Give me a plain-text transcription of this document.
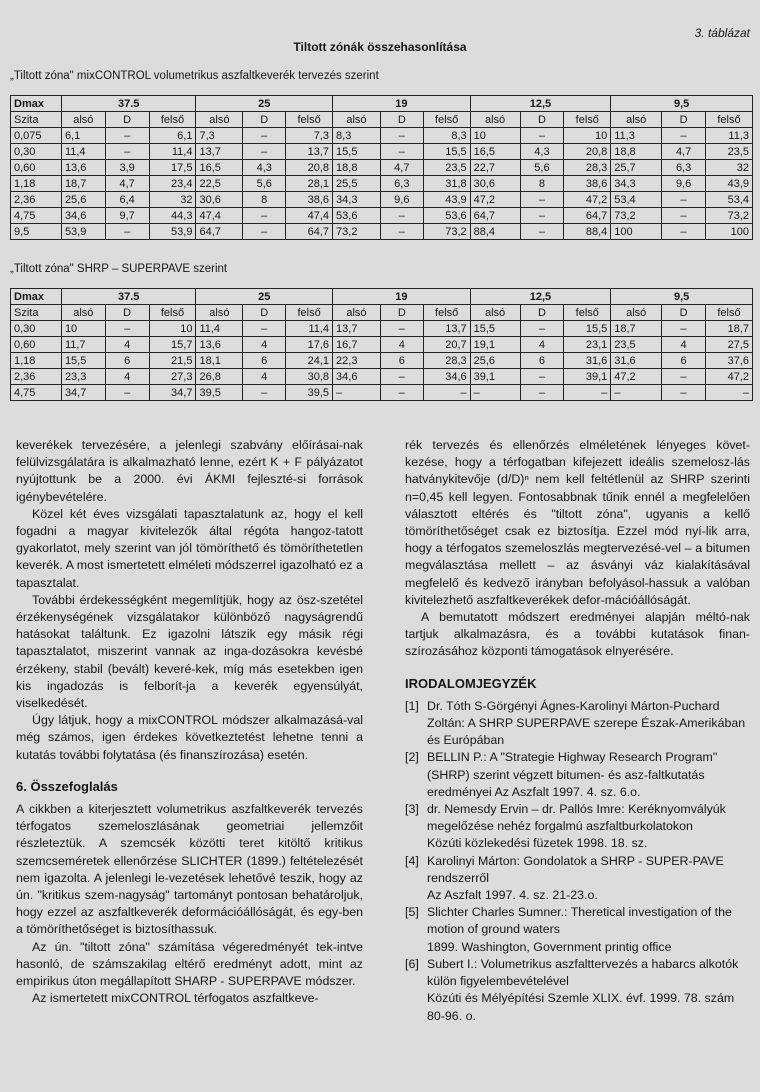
3. táblázat
Tiltott zónák összehasonlítása
„Tiltott zóna" mixCONTROL volumetrikus aszfaltkeverék tervezés szerint
Dmax	37.5			25			19			12,5			9,5		
Szita	alsó	D	felső	alsó	D	felső	alsó	D	felső	alsó	D	felső	alsó	D	felső
0,075	6,1	–	6,1	7,3	–	7,3	8,3	–	8,3	10	–	10	11,3	–	11,3
0,30	11,4	–	11,4	13,7	–	13,7	15,5	–	15,5	16,5	4,3	20,8	18,8	4,7	23,5
0,60	13,6	3,9	17,5	16,5	4,3	20,8	18,8	4,7	23,5	22,7	5,6	28,3	25,7	6,3	32
1,18	18,7	4,7	23,4	22,5	5,6	28,1	25,5	6,3	31,8	30,6	8	38,6	34,3	9,6	43,9
2,36	25,6	6,4	32	30,6	8	38,6	34,3	9,6	43,9	47,2	–	47,2	53,4	–	53,4
4,75	34,6	9,7	44,3	47,4	–	47,4	53,6	–	53,6	64,7	–	64,7	73,2	–	73,2
9,5	53,9	–	53,9	64,7	–	64,7	73,2	–	73,2	88,4	–	88,4	100	–	100
„Tiltott zóna" SHRP – SUPERPAVE szerint
Dmax	37.5			25			19			12,5			9,5		
Szita	alsó	D	felső	alsó	D	felső	alsó	D	felső	alsó	D	felső	alsó	D	felső
0,30	10	–	10	11,4	–	11,4	13,7	–	13,7	15,5	–	15,5	18,7	–	18,7
0,60	11,7	4	15,7	13,6	4	17,6	16,7	4	20,7	19,1	4	23,1	23,5	4	27,5
1,18	15,5	6	21,5	18,1	6	24,1	22,3	6	28,3	25,6	6	31,6	31,6	6	37,6
2,36	23,3	4	27,3	26,8	4	30,8	34,6	–	34,6	39,1	–	39,1	47,2	–	47,2
4,75	34,7	–	34,7	39,5	–	39,5	–	–	–	–	–	–	–	–	–

keverékek tervezésére, a jelenlegi szabvány előírásai-nak felülvizsgálatára is alkalmazható lenne, ezért K + F pályázatot nyújtottunk be a 2000. évi ÁKMI fejleszté-si források igénybevételére.

Közel két éves vizsgálati tapasztalatunk az, hogy el kell fogadni a magyar kivitelezők által régóta hangoz-tatott gyakorlatot, mely szerint van jól tömöríthető és tömöríthetetlen keverék. A most ismertetett elméleti módszerrel igazolható ez a tapasztalat.

További érdekességként megemlítjük, hogy az ösz-szetétel érzékenységének vizsgálatakor különböző nagyságrendű hatásokat találtunk. Ez igazolni látszik egy másik régi tapasztalatot, miszerint vannak az inga-dozásokra kevésbé érzékeny, stabil (bevált) keveré-kek, míg más esetekben igen kis ingadozás is felborít-ja a keverék egyensúlyát, viselkedését.

Úgy látjuk, hogy a mixCONTROL módszer alkalmazásá-val még számos, igen érdekes következtetést lehetne tenni a kutatás további folytatása (és finanszírozása) esetén.

6. Összefoglalás

A cikkben a kiterjesztett volumetrikus aszfaltkeverék tervezés térfogatos szemeloszlásának geometriai jellemzőit részleteztük. A szemcsék közötti teret kitöltő kritikus szemcseméretek ellenőrzése SLICHTER (1899.) feltételezését nem igazolta. A jelenlegi le-vezetések lehetővé teszik, hogy az ún. "kritikus szem-nagyság" tartományt pontosan behatároljuk, hogy ezzel az aszfaltkeverék deformációállóságát, és egy-ben a tömöríthetőséget is biztosíthassuk.

Az ún. "tiltott zóna" számítása végeredményét tek-intve hasonló, de számszakilag eltérő eredményt adott, mint az empirikus úton megállapított SHARP - SUPERPAVE módszer.

Az ismertetett mixCONTROL térfogatos aszfaltkeve-

rék tervezés és ellenőrzés elméletének lényeges követ-kezése, hogy a térfogatban kifejezett ideális szemelosz-lás hatványkitevője (d/D)ⁿ nem kell feltétlenül az SHRP szerinti n=0,45 kell legyen. Fontosabbnak tűnik ennél a megfelelően választott eltérés és "tiltott zóna", ugyanis a kellő tömöríthetőséget csak ez biztosítja. Ezzel mód nyí-lik arra, hogy a térfogatos szemeloszlás megtervezésé-vel – a bitumen megválasztása mellett – az ásványi váz kialakításával megfelelő és kedvező irányban befolyásol-hassuk a valóban kivitelezhető aszfaltkeverékek defor-mációállóságát.

A bemutatott módszert eredményei alapján méltó-nak tartjuk alkalmazásra, és a további kutatások finan-szírozásához központi támogatások elnyerésére.

IRODALOMJEGYZÉK
[1] Dr. Tóth S-Görgényi Ágnes-Karolinyi Márton-Puchard Zoltán: A SHRP SUPERPAVE szerepe Észak-Amerikában és Európában
[2] BELLIN P.: A "Strategie Highway Research Program" (SHRP) szerint végzett bitumen- és asz-faltkutatás eredményei Az Aszfalt 1997. 4. sz. 6.o.
[3] dr. Nemesdy Ervin – dr. Pallós Imre: Keréknyomvályúk megelőzése nehéz forgalmú aszfaltburkolatokon
Közúti közlekedési füzetek 1998. 18. sz.
[4] Karolinyi Márton: Gondolatok a SHRP - SUPER-PAVE rendszerről
Az Aszfalt 1997. 4. sz. 21-23.o.
[5] Slichter Charles Sumner.: Theretical investigation of the motion of ground waters
1899. Washington, Government printig office
[6] Subert I.: Volumetrikus aszfalttervezés a habarcs alkotók külön figyelembevételével
Közúti és Mélyépítési Szemle XLIX. évf. 1999. 78. szám 80-96. o.
